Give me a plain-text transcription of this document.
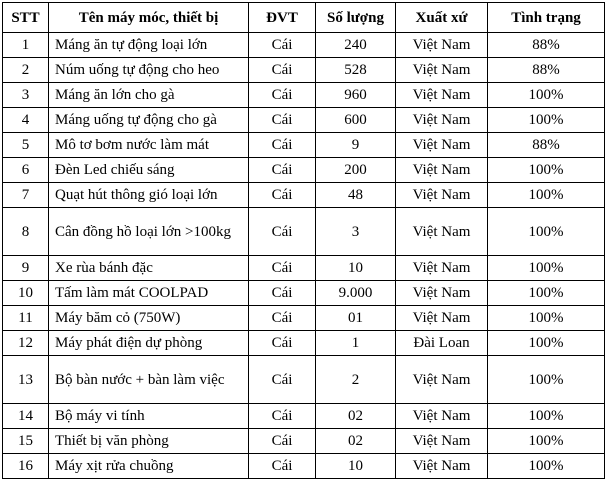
STT	Tên máy móc, thiết bị	ĐVT	Số lượng	Xuất xứ	Tình trạng
1	Máng ăn tự động loại lớn	Cái	240	Việt Nam	88%
2	Núm uống tự động cho heo	Cái	528	Việt Nam	88%
3	Máng ăn lớn cho gà	Cái	960	Việt Nam	100%
4	Máng uống tự động cho gà	Cái	600	Việt Nam	100%
5	Mô tơ bơm nước làm mát	Cái	9	Việt Nam	88%
6	Đèn Led chiếu sáng	Cái	200	Việt Nam	100%
7	Quạt hút thông gió loại lớn	Cái	48	Việt Nam	100%
8	Cân đồng hồ loại lớn >100kg	Cái	3	Việt Nam	100%
9	Xe rùa bánh đặc	Cái	10	Việt Nam	100%
10	Tấm làm mát COOLPAD	Cái	9.000	Việt Nam	100%
11	Máy băm cỏ (750W)	Cái	01	Việt Nam	100%
12	Máy phát điện dự phòng	Cái	1	Đài Loan	100%
13	Bộ bàn nước + bàn làm việc	Cái	2	Việt Nam	100%
14	Bộ máy vi tính	Cái	02	Việt Nam	100%
15	Thiết bị văn phòng	Cái	02	Việt Nam	100%
16	Máy xịt rửa chuồng	Cái	10	Việt Nam	100%
